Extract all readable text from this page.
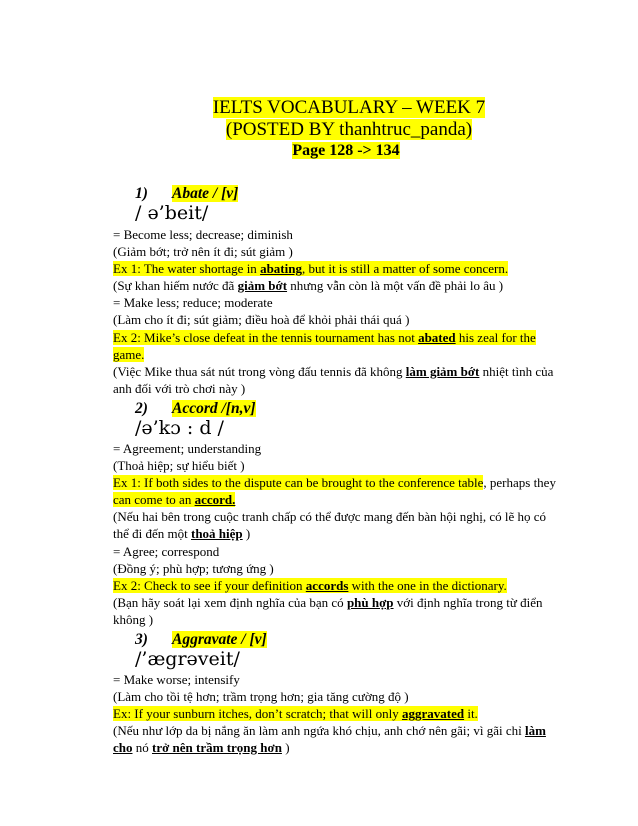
IELTS VOCABULARY – WEEK 7
(POSTED BY thanhtruc_panda)
Page 128 -> 134
1) Abate / [v]
/ ə’beit/
= Become less; decrease; diminish
(Giảm bớt; trở nên ít đi; sút giảm )
Ex 1: The water shortage in abating, but it is still a matter of some concern.
(Sự khan hiếm nước đã giảm bớt nhưng vẫn còn là một vấn đề phải lo âu )
= Make less; reduce; moderate
(Làm cho ít đi; sút giảm; điều hoà để khỏi phải thái quá )
Ex 2: Mike’s close defeat in the tennis tournament has not abated his zeal for the
game.
(Việc Mike thua sát nút trong vòng đấu tennis đã không làm giảm bớt nhiệt tình của
anh đối với trò chơi này )
2) Accord /[n,v]
/ə’kɔ : d /
= Agreement; understanding
(Thoả hiệp; sự hiểu biết )
Ex 1: If both sides to the dispute can be brought to the conference table, perhaps they
can come to an accord.
(Nếu hai bên trong cuộc tranh chấp có thể được mang đến bàn hội nghị, có lẽ họ có
thể đi đến một thoả hiệp )
= Agree; correspond
(Đồng ý; phù hợp; tương ứng )
Ex 2: Check to see if your definition accords with the one in the dictionary.
(Bạn hãy soát lại xem định nghĩa của bạn có phù hợp với định nghĩa trong từ điển
không )
3) Aggravate / [v]
/’ægrəveit/
= Make worse; intensify
(Làm cho tồi tệ hơn; trầm trọng hơn; gia tăng cường độ )
Ex: If your sunburn itches, don’t scratch; that will only aggravated it.
(Nếu như lớp da bị nắng ăn làm anh ngứa khó chịu, anh chớ nên gãi; vì gãi chỉ làm
cho nó trở nên trầm trọng hơn )
